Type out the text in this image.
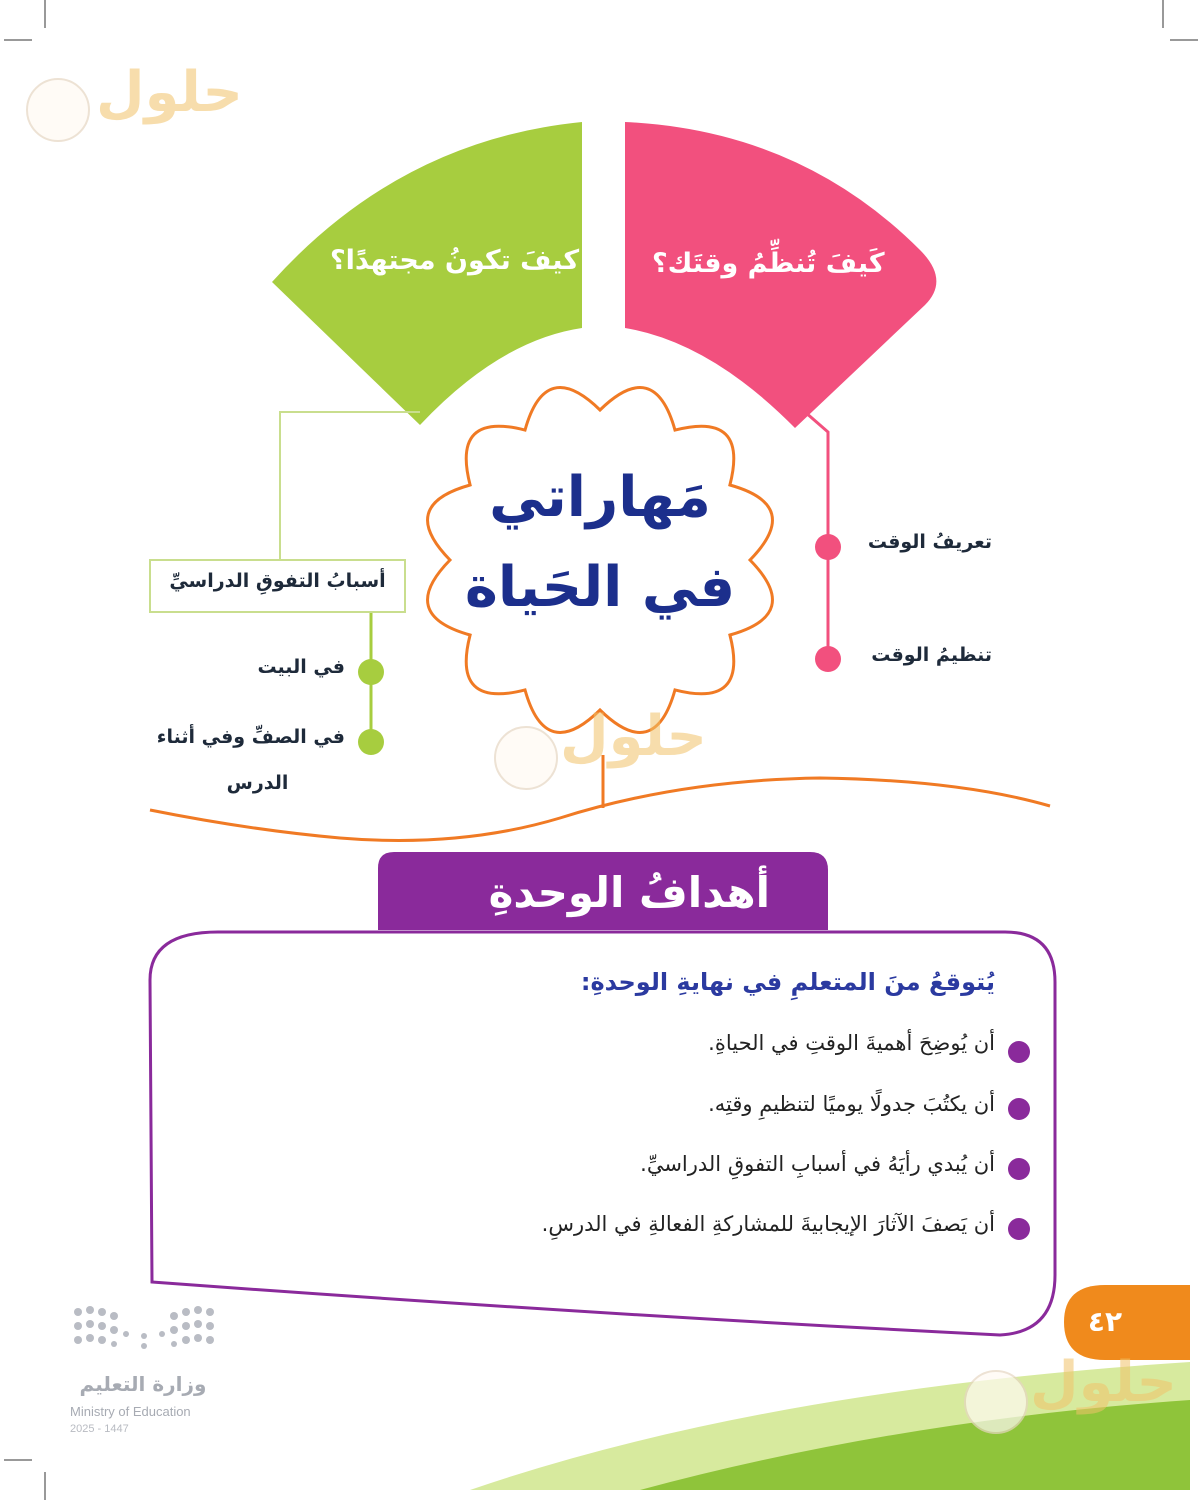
حلول
حلول
حلول
كيفَ تكونُ مجتهدًا؟	كَيفَ تُنظِّمُ وقتَك؟
مَهاراتي
في الحَياة
أسبابُ التفوقِ الدراسيِّ
في البيت
في الصفِّ وفي أثناء
الدرس
تعريفُ الوقت
تنظيمُ الوقت
أهدافُ الوحدةِ
يُتوقعُ منَ المتعلمِ في نهايةِ الوحدةِ:
أن يُوضِحَ أهميةَ الوقتِ في الحياةِ.
أن يكتُبَ جدولًا يوميًا لتنظيمِ وقتِه.
أن يُبدي رأيَهُ في أسبابِ التفوقِ الدراسيِّ.
أن يَصفَ الآثارَ الإيجابيةَ للمشاركةِ الفعالةِ في الدرسِ.
٤٢
وزارة التعليم
Ministry of Education
2025 - 1447
